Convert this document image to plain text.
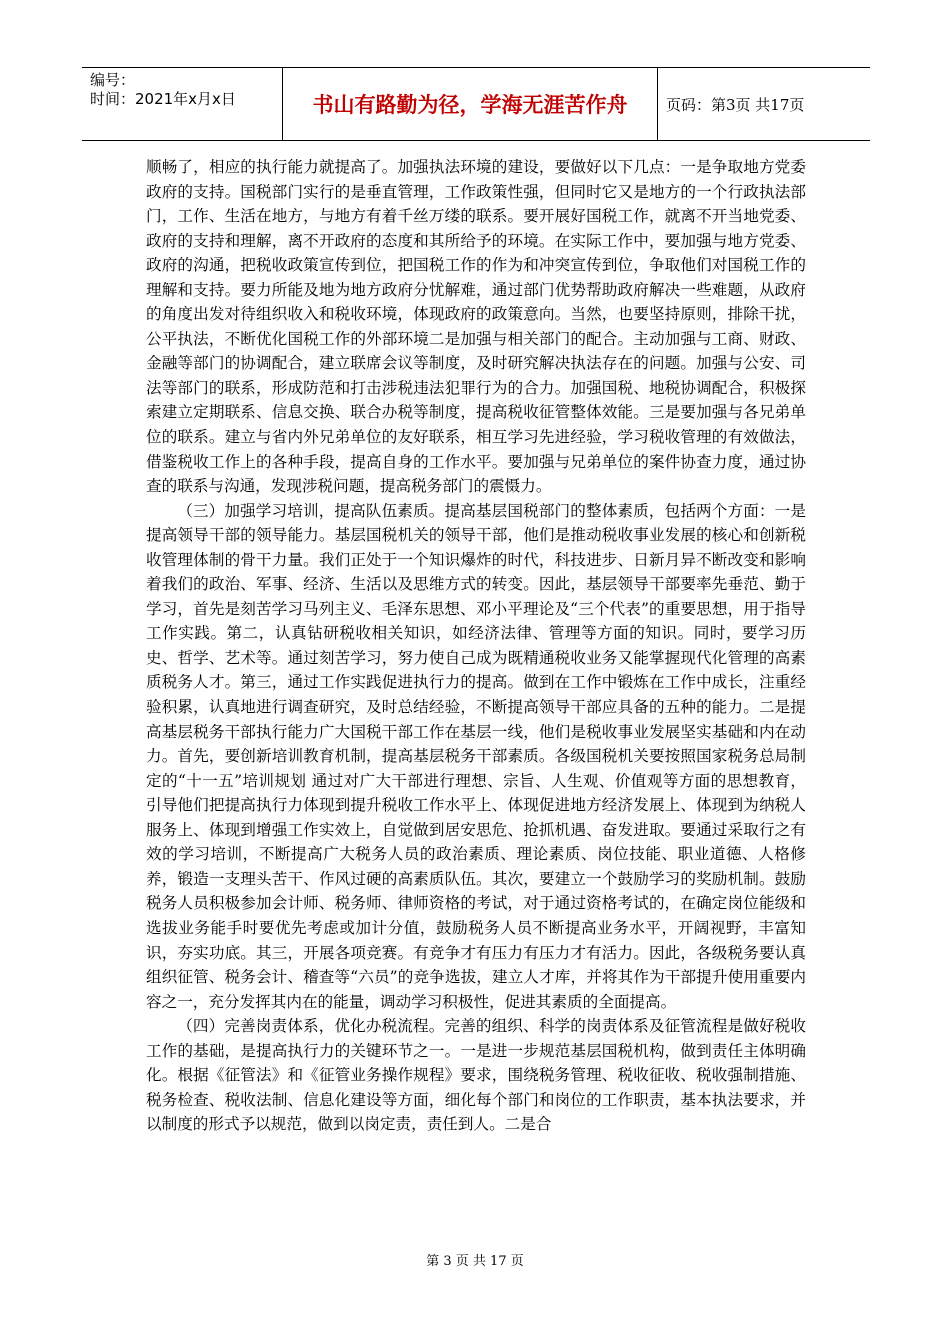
编号：
时间：2021年x月x日	书山有路勤为径，学海无涯苦作舟	页码：第3页 共17页

顺畅了，相应的执行能力就提高了。加强执法环境的建设，要做好以下几点：一是争取地方党委政府的支持。国税部门实行的是垂直管理，工作政策性强，但同时它又是地方的一个行政执法部门，工作、生活在地方，与地方有着千丝万缕的联系。要开展好国税工作，就离不开当地党委、政府的支持和理解，离不开政府的态度和其所给予的环境。在实际工作中，要加强与地方党委、政府的沟通，把税收政策宣传到位，把国税工作的作为和冲突宣传到位，争取他们对国税工作的理解和支持。要力所能及地为地方政府分忧解难，通过部门优势帮助政府解决一些难题，从政府的角度出发对待组织收入和税收环境，体现政府的政策意向。当然，也要坚持原则，排除干扰，公平执法，不断优化国税工作的外部环境二是加强与相关部门的配合。主动加强与工商、财政、金融等部门的协调配合，建立联席会议等制度，及时研究解决执法存在的问题。加强与公安、司法等部门的联系，形成防范和打击涉税违法犯罪行为的合力。加强国税、地税协调配合，积极探索建立定期联系、信息交换、联合办税等制度，提高税收征管整体效能。三是要加强与各兄弟单位的联系。建立与省内外兄弟单位的友好联系，相互学习先进经验，学习税收管理的有效做法，借鉴税收工作上的各种手段，提高自身的工作水平。要加强与兄弟单位的案件协查力度，通过协查的联系与沟通，发现涉税问题，提高税务部门的震慑力。

（三）加强学习培训，提高队伍素质。提高基层国税部门的整体素质，包括两个方面：一是提高领导干部的领导能力。基层国税机关的领导干部，他们是推动税收事业发展的核心和创新税收管理体制的骨干力量。我们正处于一个知识爆炸的时代，科技进步、日新月异不断改变和影响着我们的政治、军事、经济、生活以及思维方式的转变。因此，基层领导干部要率先垂范、勤于学习，首先是刻苦学习马列主义、毛泽东思想、邓小平理论及“三个代表”的重要思想，用于指导工作实践。第二，认真钻研税收相关知识，如经济法律、管理等方面的知识。同时，要学习历史、哲学、艺术等。通过刻苦学习，努力使自己成为既精通税收业务又能掌握现代化管理的高素质税务人才。第三，通过工作实践促进执行力的提高。做到在工作中锻炼在工作中成长，注重经验积累，认真地进行调查研究，及时总结经验，不断提高领导干部应具备的五种的能力。二是提高基层税务干部执行能力广大国税干部工作在基层一线，他们是税收事业发展坚实基础和内在动力。首先，要创新培训教育机制，提高基层税务干部素质。各级国税机关要按照国家税务总局制定的“十一五”培训规划 通过对广大干部进行理想、宗旨、人生观、价值观等方面的思想教育，引导他们把提高执行力体现到提升税收工作水平上、体现促进地方经济发展上、体现到为纳税人服务上、体现到增强工作实效上，自觉做到居安思危、抢抓机遇、奋发进取。要通过采取行之有效的学习培训，不断提高广大税务人员的政治素质、理论素质、岗位技能、职业道德、人格修养，锻造一支理头苦干、作风过硬的高素质队伍。其次，要建立一个鼓励学习的奖励机制。鼓励税务人员积极参加会计师、税务师、律师资格的考试，对于通过资格考试的，在确定岗位能级和选拔业务能手时要优先考虑或加计分值，鼓励税务人员不断提高业务水平，开阔视野，丰富知识，夯实功底。其三，开展各项竞赛。有竞争才有压力有压力才有活力。因此，各级税务要认真组织征管、税务会计、稽查等“六员”的竞争选拔，建立人才库，并将其作为干部提升使用重要内容之一，充分发挥其内在的能量，调动学习积极性，促进其素质的全面提高。

（四）完善岗责体系，优化办税流程。完善的组织、科学的岗责体系及征管流程是做好税收工作的基础，是提高执行力的关键环节之一。一是进一步规范基层国税机构，做到责任主体明确化。根据《征管法》和《征管业务操作规程》要求，围绕税务管理、税收征收、税收强制措施、税务检查、税收法制、信息化建设等方面，细化每个部门和岗位的工作职责，基本执法要求，并以制度的形式予以规范，做到以岗定责，责任到人。二是合

第 3 页 共 17 页
